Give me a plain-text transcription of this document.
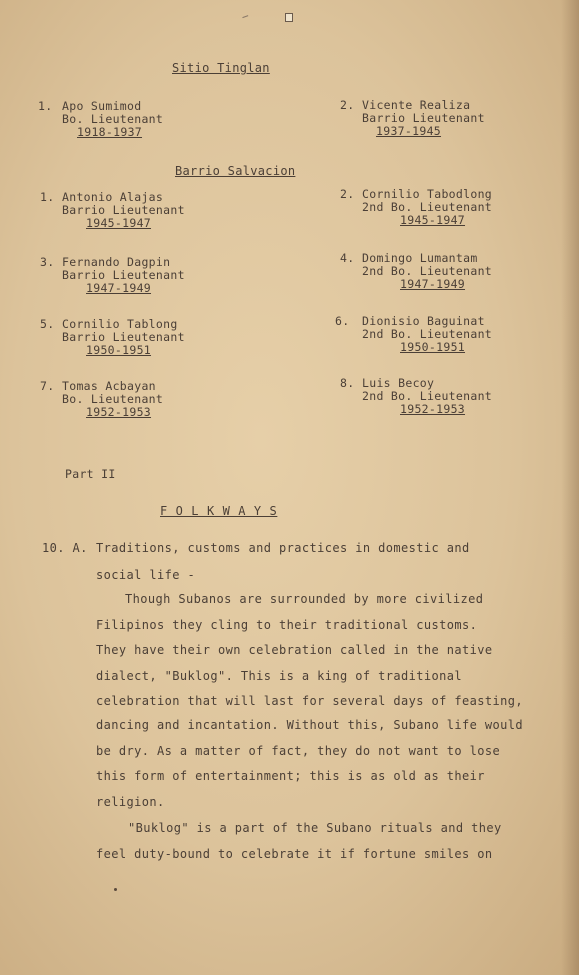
Sitio Tinglan
1. Apo Sumimod
Bo. Lieutenant
1918-1937
2. Vicente Realiza
Barrio Lieutenant
1937-1945
Barrio Salvacion
1. Antonio Alajas
Barrio Lieutenant
1945-1947
2. Cornilio Tabodlong
2nd Bo. Lieutenant
1945-1947
3. Fernando Dagpin
Barrio Lieutenant
1947-1949
4. Domingo Lumantam
2nd Bo. Lieutenant
1947-1949
5. Cornilio Tablong
Barrio Lieutenant
1950-1951
6. Dionisio Baguinat
2nd Bo. Lieutenant
1950-1951
7. Tomas Acbayan
Bo. Lieutenant
1952-1953
8. Luis Becoy
2nd Bo. Lieutenant
1952-1953
Part II
F O L K W A Y S
10. A. Traditions, customs and practices in domestic and
social life -
Though Subanos are surrounded by more civilized
Filipinos they cling to their traditional customs.
They have their own celebration called in the native
dialect, "Buklog". This is a king of traditional
celebration that will last for several days of feasting,
dancing and incantation. Without this, Subano life would
be dry. As a matter of fact, they do not want to lose
this form of entertainment; this is as old as their
religion.
"Buklog" is a part of the Subano rituals and they
feel duty-bound to celebrate it if fortune smiles on
